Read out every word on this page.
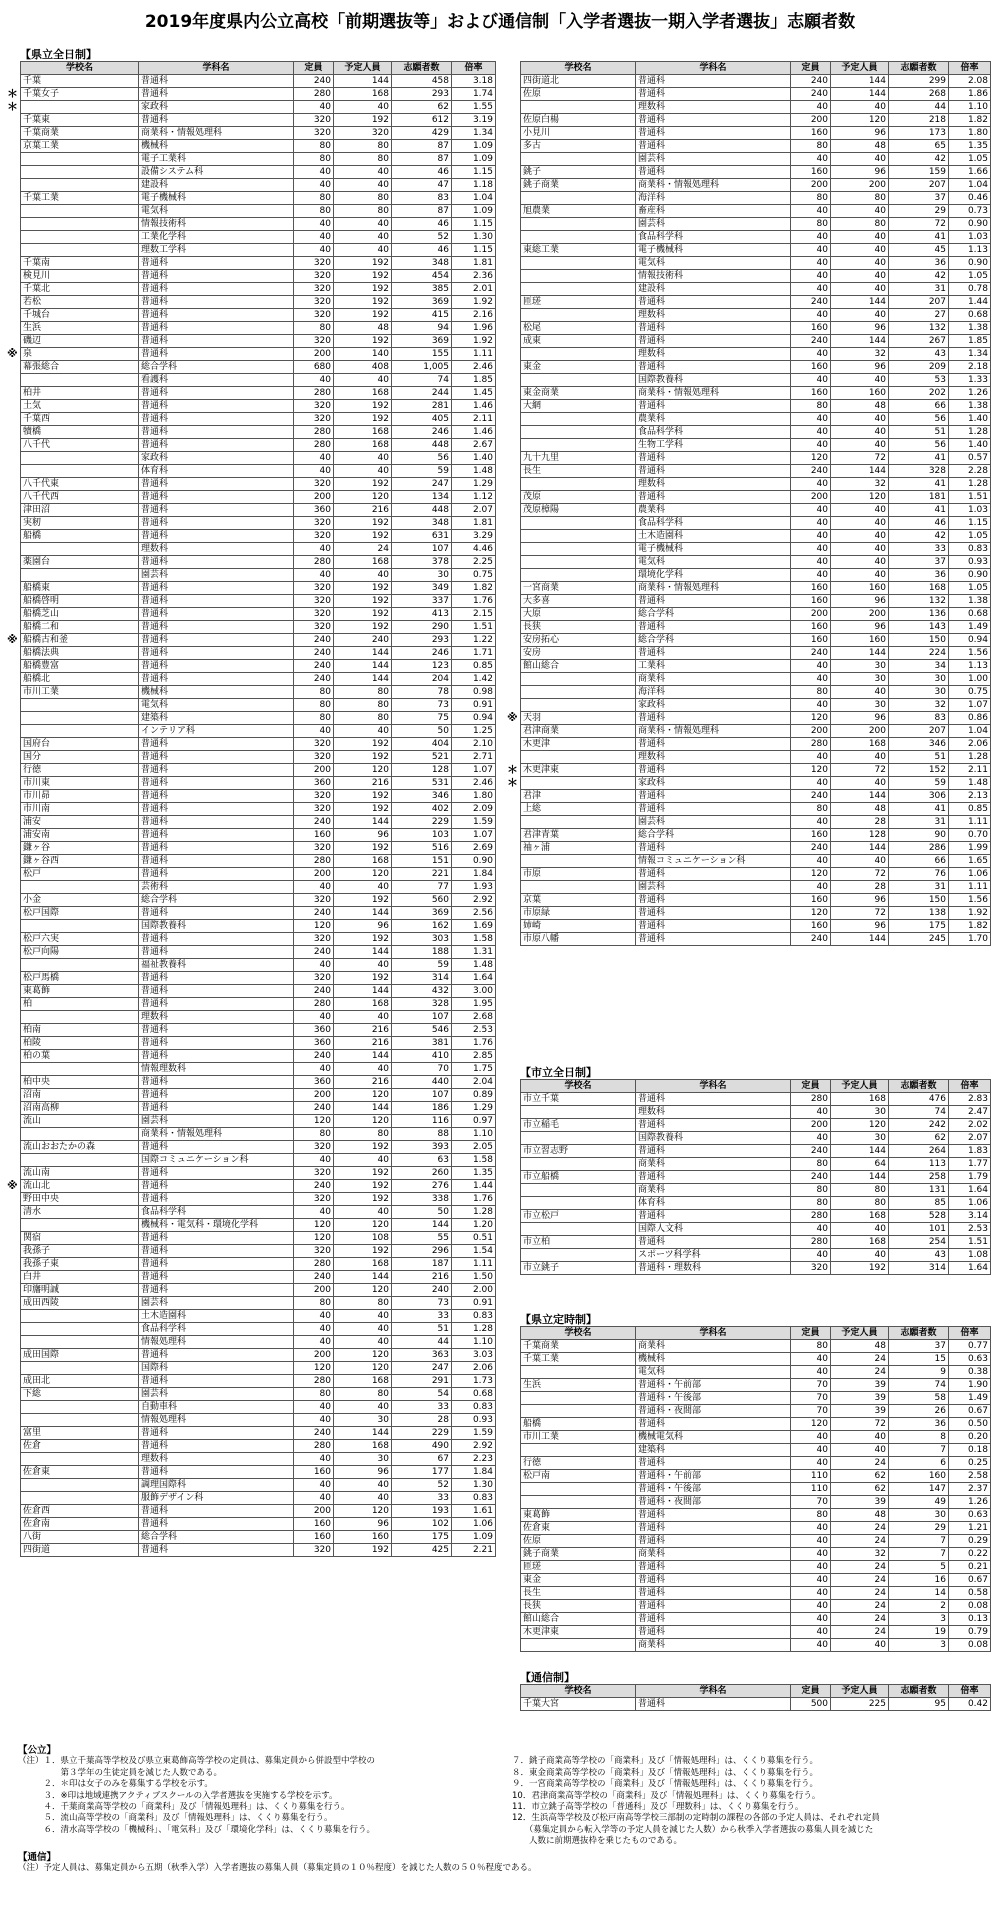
2019年度県内公立高校「前期選抜等」および通信制「入学者選抜一期入学者選抜」志願者数
【県立全日制】
学校名	学科名	定員	予定人員	志願者数	倍率
千葉	普通科	240	144	458	3.18
千葉女子	普通科	280	168	293	1.74
	家政科	40	40	62	1.55
千葉東	普通科	320	192	612	3.19
千葉商業	商業科・情報処理科	320	320	429	1.34
京葉工業	機械科	80	80	87	1.09
	電子工業科	80	80	87	1.09
	設備システム科	40	40	46	1.15
	建設科	40	40	47	1.18
千葉工業	電子機械科	80	80	83	1.04
	電気科	80	80	87	1.09
	情報技術科	40	40	46	1.15
	工業化学科	40	40	52	1.30
	理数工学科	40	40	46	1.15
千葉南	普通科	320	192	348	1.81
検見川	普通科	320	192	454	2.36
千葉北	普通科	320	192	385	2.01
若松	普通科	320	192	369	1.92
千城台	普通科	320	192	415	2.16
生浜	普通科	80	48	94	1.96
磯辺	普通科	320	192	369	1.92
泉	普通科	200	140	155	1.11
幕張総合	総合学科	680	408	1,005	2.46
	看護科	40	40	74	1.85
柏井	普通科	280	168	244	1.45
土気	普通科	320	192	281	1.46
千葉西	普通科	320	192	405	2.11
犢橋	普通科	280	168	246	1.46
八千代	普通科	280	168	448	2.67
	家政科	40	40	56	1.40
	体育科	40	40	59	1.48
八千代東	普通科	320	192	247	1.29
八千代西	普通科	200	120	134	1.12
津田沼	普通科	360	216	448	2.07
実籾	普通科	320	192	348	1.81
船橋	普通科	320	192	631	3.29
	理数科	40	24	107	4.46
薬園台	普通科	280	168	378	2.25
	園芸科	40	40	30	0.75
船橋東	普通科	320	192	349	1.82
船橋啓明	普通科	320	192	337	1.76
船橋芝山	普通科	320	192	413	2.15
船橋二和	普通科	320	192	290	1.51
船橋古和釜	普通科	240	240	293	1.22
船橋法典	普通科	240	144	246	1.71
船橋豊富	普通科	240	144	123	0.85
船橋北	普通科	240	144	204	1.42
市川工業	機械科	80	80	78	0.98
	電気科	80	80	73	0.91
	建築科	80	80	75	0.94
	インテリア科	40	40	50	1.25
国府台	普通科	320	192	404	2.10
国分	普通科	320	192	521	2.71
行徳	普通科	200	120	128	1.07
市川東	普通科	360	216	531	2.46
市川昴	普通科	320	192	346	1.80
市川南	普通科	320	192	402	2.09
浦安	普通科	240	144	229	1.59
浦安南	普通科	160	96	103	1.07
鎌ヶ谷	普通科	320	192	516	2.69
鎌ヶ谷西	普通科	280	168	151	0.90
松戸	普通科	200	120	221	1.84
	芸術科	40	40	77	1.93
小金	総合学科	320	192	560	2.92
松戸国際	普通科	240	144	369	2.56
	国際教養科	120	96	162	1.69
松戸六実	普通科	320	192	303	1.58
松戸向陽	普通科	240	144	188	1.31
	福祉教養科	40	40	59	1.48
松戸馬橋	普通科	320	192	314	1.64
東葛飾	普通科	240	144	432	3.00
柏	普通科	280	168	328	1.95
	理数科	40	40	107	2.68
柏南	普通科	360	216	546	2.53
柏陵	普通科	360	216	381	1.76
柏の葉	普通科	240	144	410	2.85
	情報理数科	40	40	70	1.75
柏中央	普通科	360	216	440	2.04
沼南	普通科	200	120	107	0.89
沼南高柳	普通科	240	144	186	1.29
流山	園芸科	120	120	116	0.97
	商業科・情報処理科	80	80	88	1.10
流山おおたかの森	普通科	320	192	393	2.05
	国際コミュニケーション科	40	40	63	1.58
流山南	普通科	320	192	260	1.35
流山北	普通科	240	192	276	1.44
野田中央	普通科	320	192	338	1.76
清水	食品科学科	40	40	50	1.28
	機械科・電気科・環境化学科	120	120	144	1.20
関宿	普通科	120	108	55	0.51
我孫子	普通科	320	192	296	1.54
我孫子東	普通科	280	168	187	1.11
白井	普通科	240	144	216	1.50
印旛明誠	普通科	200	120	240	2.00
成田西陵	園芸科	80	80	73	0.91
	土木造園科	40	40	33	0.83
	食品科学科	40	40	51	1.28
	情報処理科	40	40	44	1.10
成田国際	普通科	200	120	363	3.03
	国際科	120	120	247	2.06
成田北	普通科	280	168	291	1.73
下総	園芸科	80	80	54	0.68
	自動車科	40	40	33	0.83
	情報処理科	40	30	28	0.93
富里	普通科	240	144	229	1.59
佐倉	普通科	280	168	490	2.92
	理数科	40	30	67	2.23
佐倉東	普通科	160	96	177	1.84
	調理国際科	40	40	52	1.30
	服飾デザイン科	40	40	33	0.83
佐倉西	普通科	200	120	193	1.61
佐倉南	普通科	160	96	102	1.06
八街	総合学科	160	160	175	1.09
四街道	普通科	320	192	425	2.21
学校名	学科名	定員	予定人員	志願者数	倍率
四街道北	普通科	240	144	299	2.08
佐原	普通科	240	144	268	1.86
	理数科	40	40	44	1.10
佐原白楊	普通科	200	120	218	1.82
小見川	普通科	160	96	173	1.80
多古	普通科	80	48	65	1.35
	園芸科	40	40	42	1.05
銚子	普通科	160	96	159	1.66
銚子商業	商業科・情報処理科	200	200	207	1.04
	海洋科	80	80	37	0.46
旭農業	畜産科	40	40	29	0.73
	園芸科	80	80	72	0.90
	食品科学科	40	40	41	1.03
東総工業	電子機械科	40	40	45	1.13
	電気科	40	40	36	0.90
	情報技術科	40	40	42	1.05
	建設科	40	40	31	0.78
匝瑳	普通科	240	144	207	1.44
	理数科	40	40	27	0.68
松尾	普通科	160	96	132	1.38
成東	普通科	240	144	267	1.85
	理数科	40	32	43	1.34
東金	普通科	160	96	209	2.18
	国際教養科	40	40	53	1.33
東金商業	商業科・情報処理科	160	160	202	1.26
大網	普通科	80	48	66	1.38
	農業科	40	40	56	1.40
	食品科学科	40	40	51	1.28
	生物工学科	40	40	56	1.40
九十九里	普通科	120	72	41	0.57
長生	普通科	240	144	328	2.28
	理数科	40	32	41	1.28
茂原	普通科	200	120	181	1.51
茂原樟陽	農業科	40	40	41	1.03
	食品科学科	40	40	46	1.15
	土木造園科	40	40	42	1.05
	電子機械科	40	40	33	0.83
	電気科	40	40	37	0.93
	環境化学科	40	40	36	0.90
一宮商業	商業科・情報処理科	160	160	168	1.05
大多喜	普通科	160	96	132	1.38
大原	総合学科	200	200	136	0.68
長狭	普通科	160	96	143	1.49
安房拓心	総合学科	160	160	150	0.94
安房	普通科	240	144	224	1.56
館山総合	工業科	40	30	34	1.13
	商業科	40	30	30	1.00
	海洋科	80	40	30	0.75
	家政科	40	30	32	1.07
天羽	普通科	120	96	83	0.86
君津商業	商業科・情報処理科	200	200	207	1.04
木更津	普通科	280	168	346	2.06
	理数科	40	40	51	1.28
木更津東	普通科	120	72	152	2.11
	家政科	40	40	59	1.48
君津	普通科	240	144	306	2.13
上総	普通科	80	48	41	0.85
	園芸科	40	28	31	1.11
君津青葉	総合学科	160	128	90	0.70
袖ヶ浦	普通科	240	144	286	1.99
	情報コミュニケーション科	40	40	66	1.65
市原	普通科	120	72	76	1.06
	園芸科	40	28	31	1.11
京葉	普通科	160	96	150	1.56
市原緑	普通科	120	72	138	1.92
姉崎	普通科	160	96	175	1.82
市原八幡	普通科	240	144	245	1.70
【市立全日制】
学校名	学科名	定員	予定人員	志願者数	倍率
市立千葉	普通科	280	168	476	2.83
	理数科	40	30	74	2.47
市立稲毛	普通科	200	120	242	2.02
	国際教養科	40	30	62	2.07
市立習志野	普通科	240	144	264	1.83
	商業科	80	64	113	1.77
市立船橋	普通科	240	144	258	1.79
	商業科	80	80	131	1.64
	体育科	80	80	85	1.06
市立松戸	普通科	280	168	528	3.14
	国際人文科	40	40	101	2.53
市立柏	普通科	280	168	254	1.51
	スポーツ科学科	40	40	43	1.08
市立銚子	普通科・理数科	320	192	314	1.64
【県立定時制】
学校名	学科名	定員	予定人員	志願者数	倍率
千葉商業	商業科	80	48	37	0.77
千葉工業	機械科	40	24	15	0.63
	電気科	40	24	9	0.38
生浜	普通科・午前部	70	39	74	1.90
	普通科・午後部	70	39	58	1.49
	普通科・夜間部	70	39	26	0.67
船橋	普通科	120	72	36	0.50
市川工業	機械電気科	40	40	8	0.20
	建築科	40	40	7	0.18
行徳	普通科	40	24	6	0.25
松戸南	普通科・午前部	110	62	160	2.58
	普通科・午後部	110	62	147	2.37
	普通科・夜間部	70	39	49	1.26
東葛飾	普通科	80	48	30	0.63
佐倉東	普通科	40	24	29	1.21
佐原	普通科	40	24	7	0.29
銚子商業	商業科	40	32	7	0.22
匝瑳	普通科	40	24	5	0.21
東金	普通科	40	24	16	0.67
長生	普通科	40	24	14	0.58
長狭	普通科	40	24	2	0.08
館山総合	普通科	40	24	3	0.13
木更津東	普通科	40	24	19	0.79
	商業科	40	40	3	0.08
【通信制】
学校名	学科名	定員	予定人員	志願者数	倍率
千葉大宮	普通科	500	225	95	0.42
【公立】
（注）１．県立千葉高等学校及び県立東葛飾高等学校の定員は、募集定員から併設型中学校の
　　　　　第３学年の生徒定員を減じた人数である。
　　　２．＊印は女子のみを募集する学校を示す。
　　　３．※印は地域連携アクティブスクールの入学者選抜を実施する学校を示す。
　　　４．千葉商業高等学校の「商業科」及び「情報処理科」は、くくり募集を行う。
　　　５．流山高等学校の「商業科」及び「情報処理科」は、くくり募集を行う。
　　　６．清水高等学校の「機械科」、「電気科」及び「環境化学科」は、くくり募集を行う。
７．銚子商業高等学校の「商業科」及び「情報処理科」は、くくり募集を行う。
８．東金商業高等学校の「商業科」及び「情報処理科」は、くくり募集を行う。
９．一宮商業高等学校の「商業科」及び「情報処理科」は、くくり募集を行う。
10．君津商業高等学校の「商業科」及び「情報処理科」は、くくり募集を行う。
11．市立銚子高等学校の「普通科」及び「理数科」は、くくり募集を行う。
12．生浜高等学校及び松戸南高等学校三部制の定時制の課程の各部の予定人員は、それぞれ定員
　　（募集定員から転入学等の予定人員を減じた人数）から秋季入学者選抜の募集人員を減じた
　　人数に前期選抜枠を乗じたものである。
【通信】
（注）予定人員は、募集定員から五期（秋季入学）入学者選抜の募集人員（募集定員の１０％程度）を減じた人数の５０％程度である。
＊
＊
※
※
※
※
＊
＊
